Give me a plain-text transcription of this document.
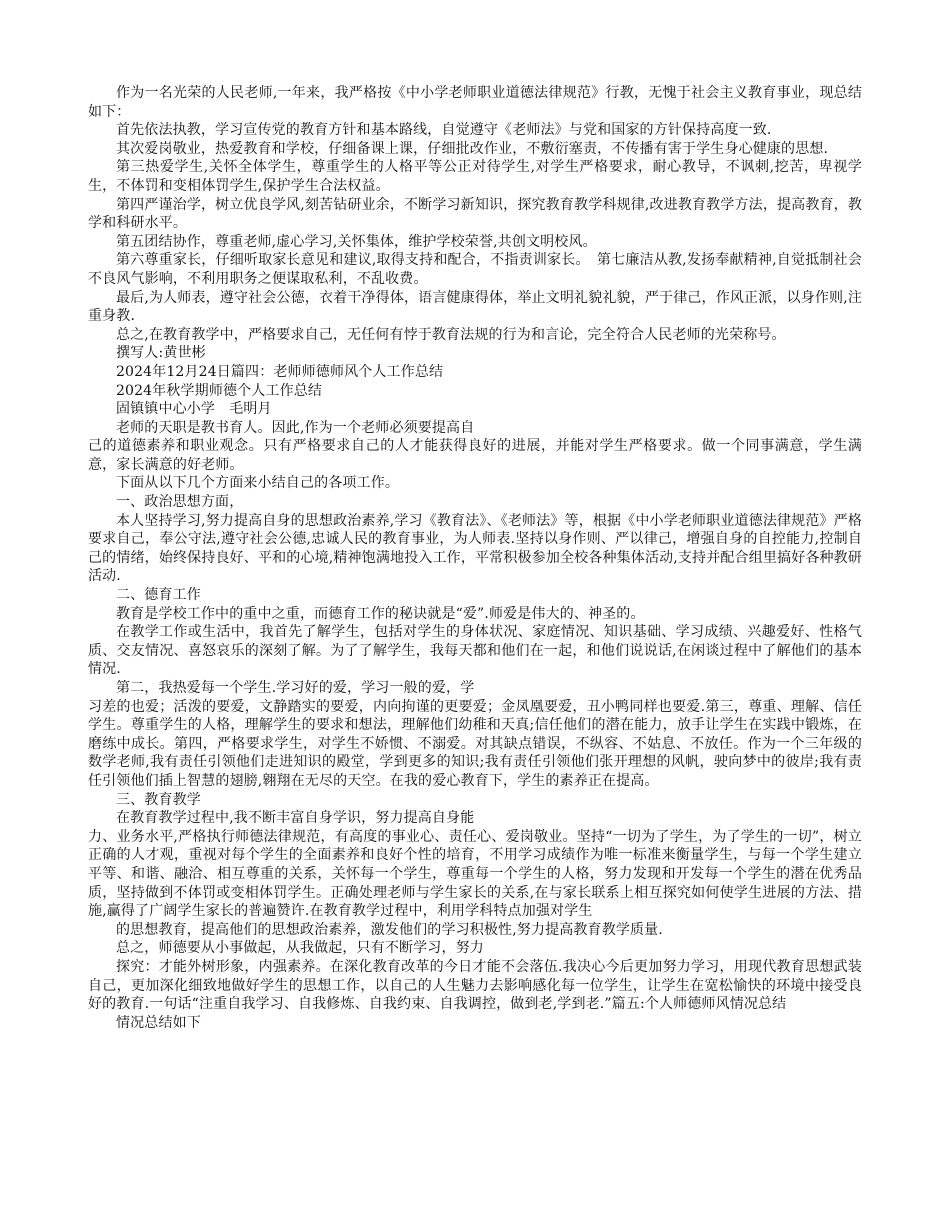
作为一名光荣的人民老师,一年来，我严格按《中小学老师职业道德法律规范》行教，无愧于社会主义教育事业，现总结如下：

首先依法执教，学习宣传党的教育方针和基本路线，自觉遵守《老师法》与党和国家的方针保持高度一致.

其次爱岗敬业，热爱教育和学校，仔细备课上课，仔细批改作业，不敷衍塞责，不传播有害于学生身心健康的思想.

第三热爱学生,关怀全体学生，尊重学生的人格平等公正对待学生,对学生严格要求，耐心教导，不讽刺,挖苦，卑视学生，不体罚和变相体罚学生,保护学生合法权益。

第四严谨治学，树立优良学风,刻苦钻研业余，不断学习新知识，探究教育教学科规律,改进教育教学方法，提高教育，教学和科研水平。

第五团结协作，尊重老师,虚心学习,关怀集体，维护学校荣誉,共创文明校风。

第六尊重家长，仔细听取家长意见和建议,取得支持和配合，不指责训家长。　第七廉洁从教,发扬奉献精神,自觉抵制社会不良风气影响，不利用职务之便谋取私利，不乱收费。

最后,为人师表，遵守社会公德，衣着干净得体，语言健康得体，举止文明礼貌礼貌，严于律己，作风正派，以身作则,注重身教.

总之,在教育教学中，严格要求自己，无任何有悖于教育法规的行为和言论，完全符合人民老师的光荣称号。

撰写人:黄世彬

2024年12月24日篇四：老师师德师风个人工作总结

2024年秋学期师德个人工作总结

固镇镇中心小学　毛明月

老师的天职是教书育人。因此,作为一个老师必须要提高自

己的道德素养和职业观念。只有严格要求自己的人才能获得良好的进展，并能对学生严格要求。做一个同事满意，学生满意，家长满意的好老师。

下面从以下几个方面来小结自己的各项工作。

一、政治思想方面，

本人坚持学习,努力提高自身的思想政治素养,学习《教育法》、《老师法》等，根据《中小学老师职业道德法律规范》严格要求自己，奉公守法,遵守社会公德,忠诚人民的教育事业，为人师表.坚持以身作则、严以律己，增强自身的自控能力,控制自己的情绪，始终保持良好、平和的心境,精神饱满地投入工作，平常积极参加全校各种集体活动,支持并配合组里搞好各种教研活动.

二、德育工作

教育是学校工作中的重中之重，而德育工作的秘诀就是“爱”.师爱是伟大的、神圣的。

在教学工作或生活中，我首先了解学生，包括对学生的身体状况、家庭情况、知识基础、学习成绩、兴趣爱好、性格气质、交友情况、喜怒哀乐的深刻了解。为了了解学生，我每天都和他们在一起，和他们说说话,在闲谈过程中了解他们的基本情况.

第二，我热爱每一个学生.学习好的爱，学习一般的爱，学

习差的也爱；活泼的要爱，文静踏实的要爱，内向拘谨的更要爱；金凤凰要爱，丑小鸭同样也要爱.第三，尊重、理解、信任学生。尊重学生的人格，理解学生的要求和想法，理解他们幼稚和天真;信任他们的潜在能力，放手让学生在实践中锻炼，在磨练中成长。第四，严格要求学生，对学生不娇惯、不溺爱。对其缺点错误，不纵容、不姑息、不放任。作为一个三年级的数学老师,我有责任引领他们走进知识的殿堂，学到更多的知识;我有责任引领他们张开理想的风帆，驶向梦中的彼岸;我有责任引领他们插上智慧的翅膀,翱翔在无尽的天空。在我的爱心教育下，学生的素养正在提高。

三、教育教学

在教育教学过程中,我不断丰富自身学识，努力提高自身能

力、业务水平,严格执行师德法律规范，有高度的事业心、责任心、爱岗敬业。坚持“一切为了学生，为了学生的一切”，树立正确的人才观，重视对每个学生的全面素养和良好个性的培育，不用学习成绩作为唯一标准来衡量学生，与每一个学生建立平等、和谐、融洽、相互尊重的关系，关怀每一个学生，尊重每一个学生的人格，努力发现和开发每一个学生的潜在优秀品质，坚持做到不体罚或变相体罚学生。正确处理老师与学生家长的关系,在与家长联系上相互探究如何使学生进展的方法、措施,赢得了广阔学生家长的普遍赞许.在教育教学过程中，利用学科特点加强对学生

的思想教育，提高他们的思想政治素养，激发他们的学习积极性,努力提高教育教学质量.

总之，师德要从小事做起，从我做起，只有不断学习，努力

探究：才能外树形象，内强素养。在深化教育改革的今日才能不会落伍.我决心今后更加努力学习，用现代教育思想武装自己，更加深化细致地做好学生的思想工作，以自己的人生魅力去影响感化每一位学生，让学生在宽松愉快的环境中接受良好的教育.一句话“注重自我学习、自我修炼、自我约束、自我调控，做到老,学到老.”篇五:个人师德师风情况总结

情况总结如下
